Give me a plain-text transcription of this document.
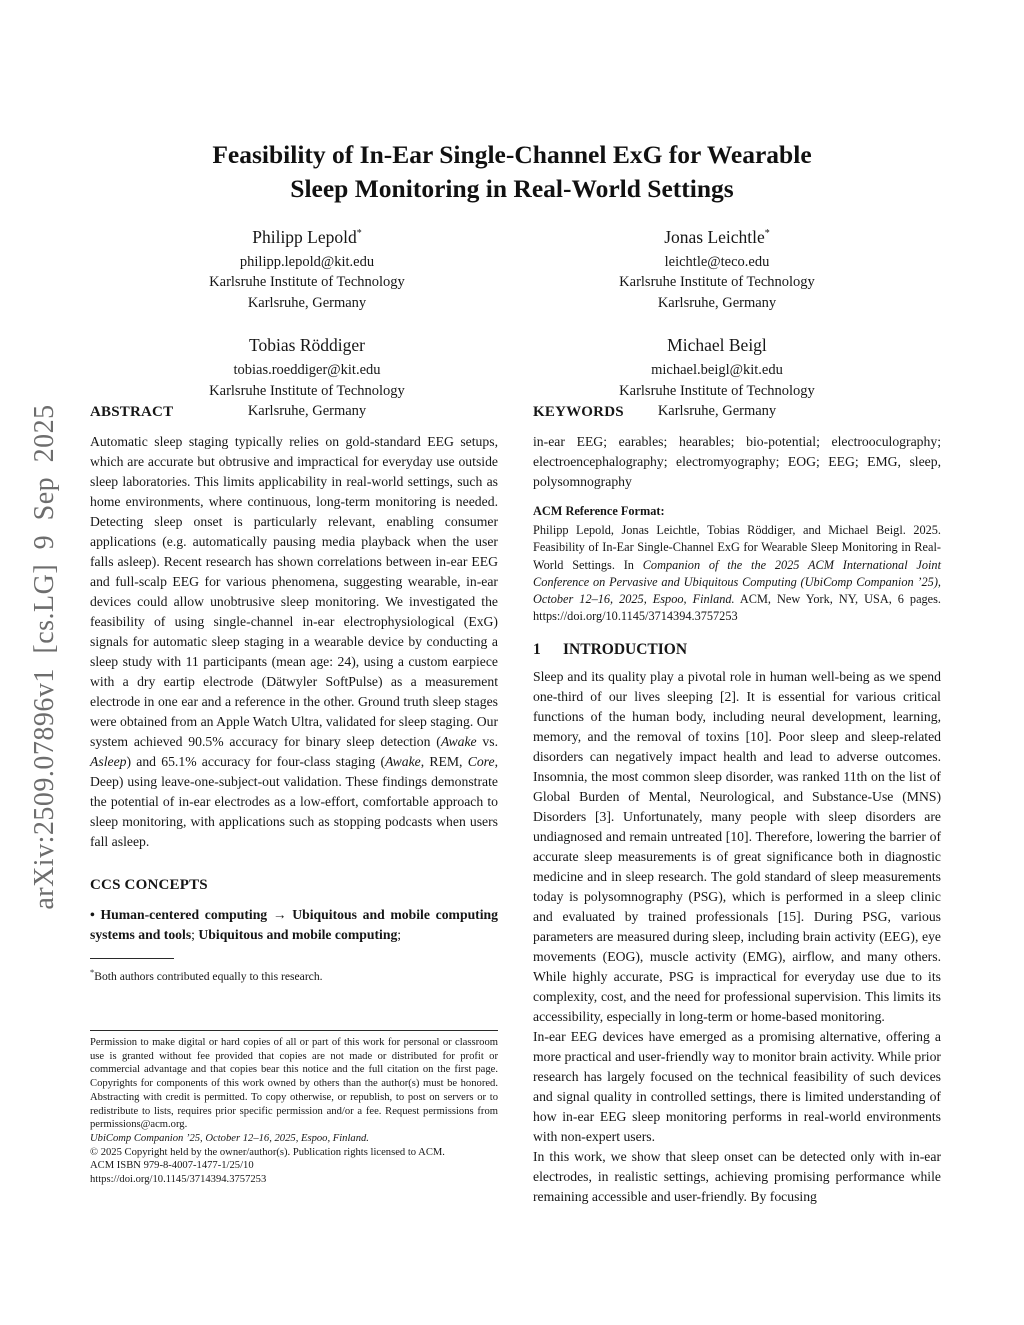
arXiv:2509.07896v1 [cs.LG] 9 Sep 2025
Feasibility of In-Ear Single-Channel ExG for Wearable
Sleep Monitoring in Real-World Settings
Philipp Lepold*
philipp.lepold@kit.edu
Karlsruhe Institute of Technology
Karlsruhe, Germany
Jonas Leichtle*
leichtle@teco.edu
Karlsruhe Institute of Technology
Karlsruhe, Germany
Tobias Röddiger
tobias.roeddiger@kit.edu
Karlsruhe Institute of Technology
Karlsruhe, Germany
Michael Beigl
michael.beigl@kit.edu
Karlsruhe Institute of Technology
Karlsruhe, Germany
ABSTRACT

Automatic sleep staging typically relies on gold-standard EEG setups, which are accurate but obtrusive and impractical for everyday use outside sleep laboratories. This limits applicability in real-world settings, such as home environments, where continuous, long-term monitoring is needed. Detecting sleep onset is particularly relevant, enabling consumer applications (e.g. automatically pausing media playback when the user falls asleep). Recent research has shown correlations between in-ear EEG and full-scalp EEG for various phenomena, suggesting wearable, in-ear devices could allow unobtrusive sleep monitoring. We investigated the feasibility of using single-channel in-ear electrophysiological (ExG) signals for automatic sleep staging in a wearable device by conducting a sleep study with 11 participants (mean age: 24), using a custom earpiece with a dry eartip electrode (Dätwyler SoftPulse) as a measurement electrode in one ear and a reference in the other. Ground truth sleep stages were obtained from an Apple Watch Ultra, validated for sleep staging. Our system achieved 90.5% accuracy for binary sleep detection (Awake vs. Asleep) and 65.1% accuracy for four-class staging (Awake, REM, Core, Deep) using leave-one-subject-out validation. These findings demonstrate the potential of in-ear electrodes as a low-effort, comfortable approach to sleep monitoring, with applications such as stopping podcasts when users fall asleep.

CCS CONCEPTS

• Human-centered computing → Ubiquitous and mobile computing systems and tools; Ubiquitous and mobile computing;

*Both authors contributed equally to this research.

Permission to make digital or hard copies of all or part of this work for personal or classroom use is granted without fee provided that copies are not made or distributed for profit or commercial advantage and that copies bear this notice and the full citation on the first page. Copyrights for components of this work owned by others than the author(s) must be honored. Abstracting with credit is permitted. To copy otherwise, or republish, to post on servers or to redistribute to lists, requires prior specific permission and/or a fee. Request permissions from permissions@acm.org.

UbiComp Companion ’25, October 12–16, 2025, Espoo, Finland.

© 2025 Copyright held by the owner/author(s). Publication rights licensed to ACM.

ACM ISBN 979-8-4007-1477-1/25/10

https://doi.org/10.1145/3714394.3757253

KEYWORDS

in-ear EEG; earables; hearables; bio-potential; electrooculography; electroencephalography; electromyography; EOG; EEG; EMG, sleep, polysomnography

ACM Reference Format:

Philipp Lepold, Jonas Leichtle, Tobias Röddiger, and Michael Beigl. 2025. Feasibility of In-Ear Single-Channel ExG for Wearable Sleep Monitoring in Real-World Settings. In Companion of the the 2025 ACM International Joint Conference on Pervasive and Ubiquitous Computing (UbiComp Companion ’25), October 12–16, 2025, Espoo, Finland. ACM, New York, NY, USA, 6 pages. https://doi.org/10.1145/3714394.3757253

1 INTRODUCTION

Sleep and its quality play a pivotal role in human well-being as we spend one-third of our lives sleeping [2]. It is essential for various critical functions of the human body, including neural development, learning, memory, and the removal of toxins [10]. Poor sleep and sleep-related disorders can negatively impact health and lead to adverse outcomes. Insomnia, the most common sleep disorder, was ranked 11th on the list of Global Burden of Mental, Neurological, and Substance-Use (MNS) Disorders [3]. Unfortunately, many people with sleep disorders are undiagnosed and remain untreated [10]. Therefore, lowering the barrier of accurate sleep measurements is of great significance both in diagnostic medicine and in sleep research. The gold standard of sleep measurements today is polysomnography (PSG), which is performed in a sleep clinic and evaluated by trained professionals [15]. During PSG, various parameters are measured during sleep, including brain activity (EEG), eye movements (EOG), muscle activity (EMG), airflow, and many others. While highly accurate, PSG is impractical for everyday use due to its complexity, cost, and the need for professional supervision. This limits its accessibility, especially in long-term or home-based monitoring.

In-ear EEG devices have emerged as a promising alternative, offering a more practical and user-friendly way to monitor brain activity. While prior research has largely focused on the technical feasibility of such devices and signal quality in controlled settings, there is limited understanding of how in-ear EEG sleep monitoring performs in real-world environments with non-expert users.

In this work, we show that sleep onset can be detected only with in-ear electrodes, in realistic settings, achieving promising performance while remaining accessible and user-friendly. By focusing
